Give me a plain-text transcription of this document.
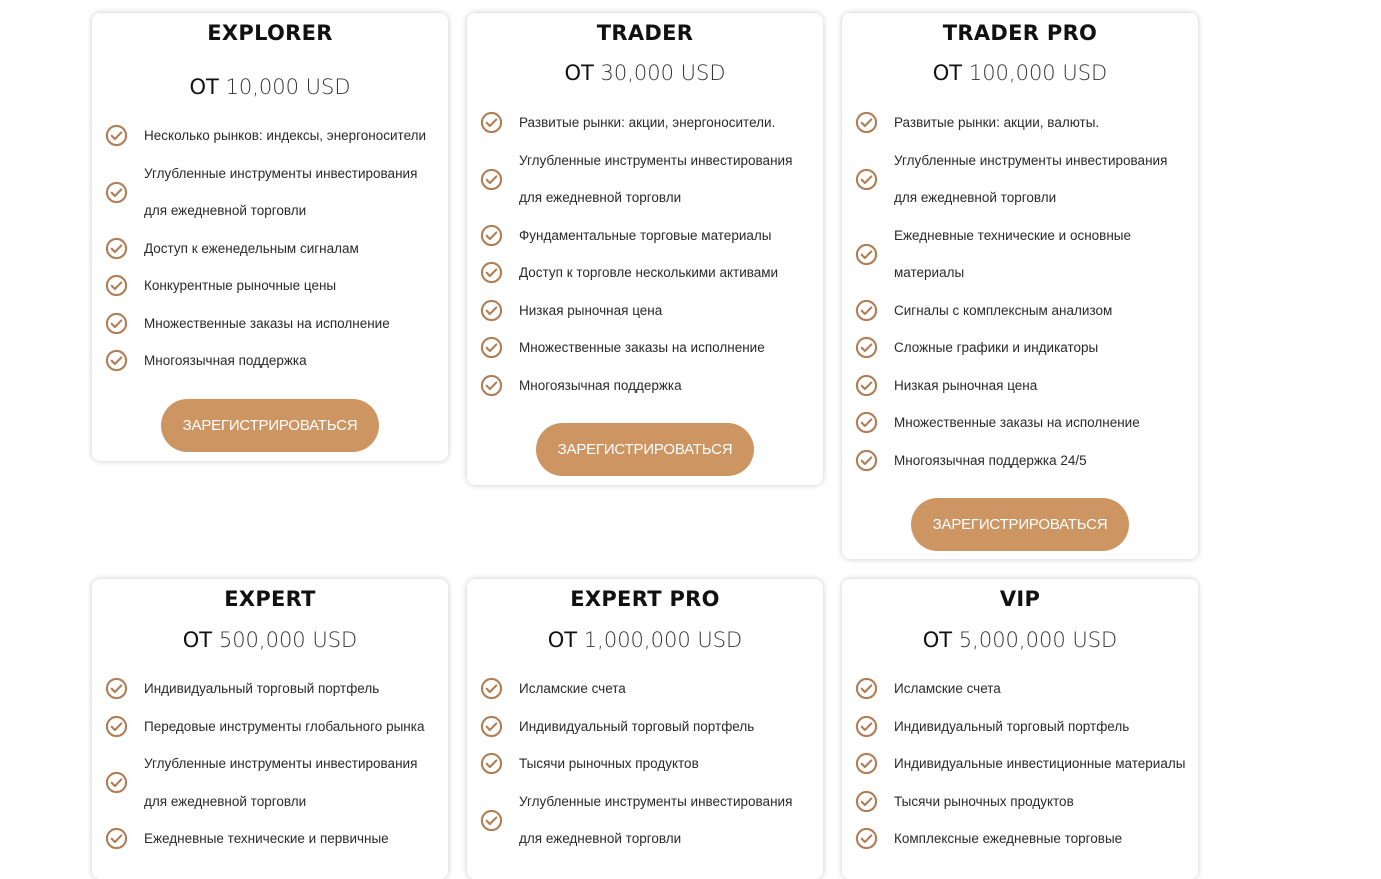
EXPLORER
ОТ 10,000 USD
Несколько рынков: индексы, энергоносители
Углубленные инструменты инвестирования для ежедневной торговли
Доступ к еженедельным сигналам
Конкурентные рыночные цены
Множественные заказы на исполнение
Многоязычная поддержка
ЗАРЕГИСТРИРОВАТЬСЯ
TRADER
ОТ 30,000 USD
Развитые рынки: акции, энергоносители.
Углубленные инструменты инвестирования для ежедневной торговли
Фундаментальные торговые материалы
Доступ к торговле несколькими активами
Низкая рыночная цена
Множественные заказы на исполнение
Многоязычная поддержка
ЗАРЕГИСТРИРОВАТЬСЯ
TRADER PRO
ОТ 100,000 USD
Развитые рынки: акции, валюты.
Углубленные инструменты инвестирования для ежедневной торговли
Ежедневные технические и основные материалы
Сигналы с комплексным анализом
Сложные графики и индикаторы
Низкая рыночная цена
Множественные заказы на исполнение
Многоязычная поддержка 24/5
ЗАРЕГИСТРИРОВАТЬСЯ
EXPERT
ОТ 500,000 USD
Индивидуальный торговый портфель
Передовые инструменты глобального рынка
Углубленные инструменты инвестирования для ежедневной торговли
Ежедневные технические и первичные
EXPERT PRO
ОТ 1,000,000 USD
Исламские счета
Индивидуальный торговый портфель
Тысячи рыночных продуктов
Углубленные инструменты инвестирования для ежедневной торговли
VIP
ОТ 5,000,000 USD
Исламские счета
Индивидуальный торговый портфель
Индивидуальные инвестиционные материалы
Тысячи рыночных продуктов
Комплексные ежедневные торговые
